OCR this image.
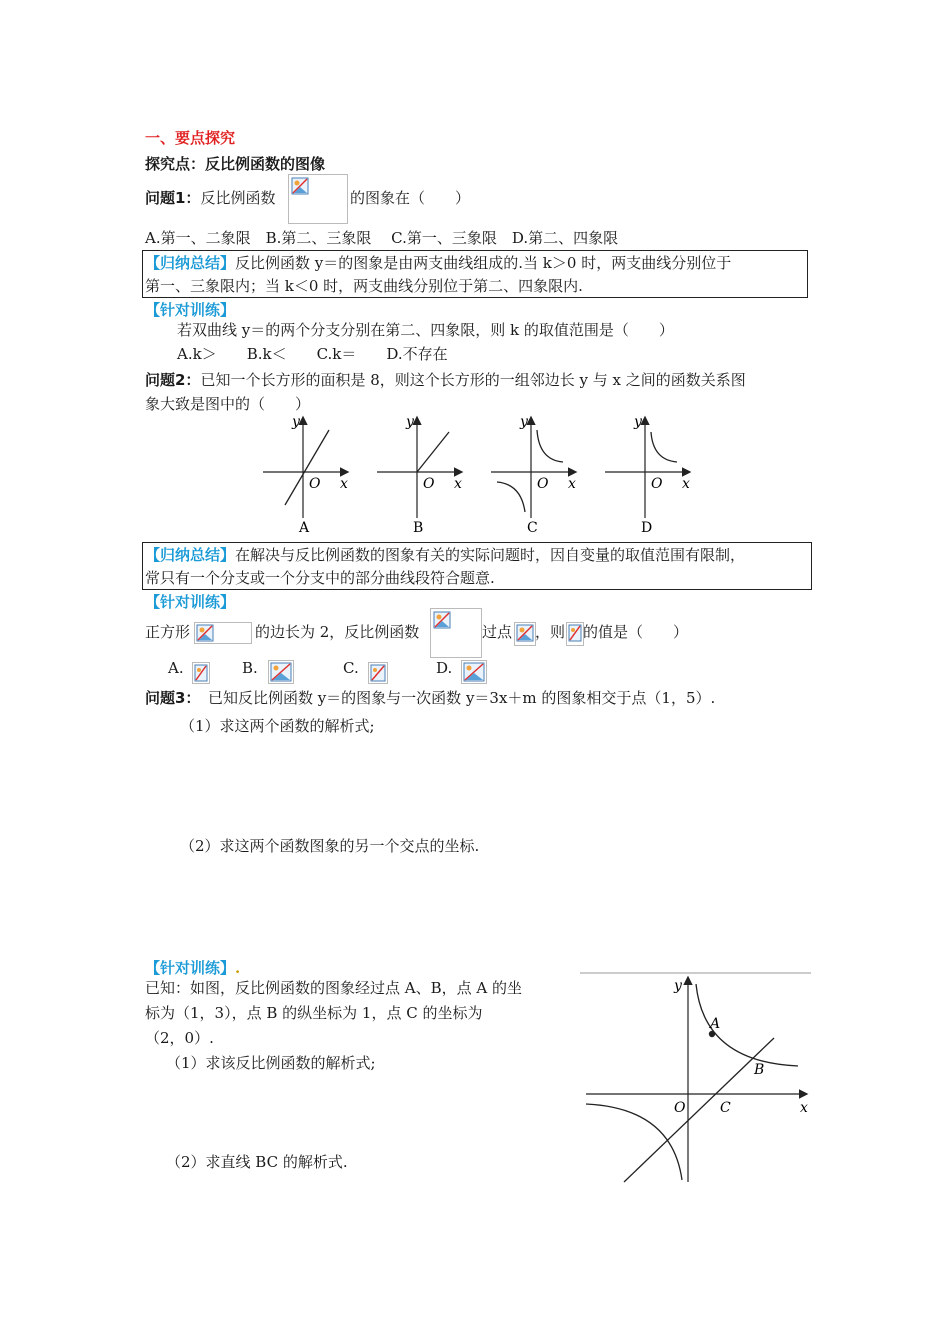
一、要点探究
探究点：反比例函数的图像
问题1：反比例函数	的图象在（　　）
A.第一、二象限　B.第二、三象限　 C.第一、三象限　D.第二、四象限
【归纳总结】反比例函数 y＝的图象是由两支曲线组成的.当 k＞0 时，两支曲线分别位于
第一、三象限内；当 k＜0 时，两支曲线分别位于第二、四象限内.
【针对训练】
若双曲线 y＝的两个分支分别在第二、四象限，则 k 的取值范围是（　　）
A.k＞　　B.k＜　　C.k＝　　D.不存在
问题2：已知一个长方形的面积是 8，则这个长方形的一组邻边长 y 与 x 之间的函数关系图
象大致是图中的（　　）
y
O x
A
y
O x
B
y
O x
C
y
O x
D
【归纳总结】在解决与反比例函数的图象有关的实际问题时，因自变量的取值范围有限制，
常只有一个分支或一个分支中的部分曲线段符合题意.
【针对训练】
正方形	的边长为 2，反比例函数	过点 ，则 的值是（　　）
A.	B.	C.	D.
问题3：　已知反比例函数 y＝的图象与一次函数 y＝3x＋m 的图象相交于点（1，5）.
（1）求这两个函数的解析式;
（2）求这两个函数图象的另一个交点的坐标.
【针对训练】.
已知：如图，反比例函数的图象经过点 A、B，点 A 的坐
标为（1，3），点 B 的纵坐标为 1，点 C 的坐标为
（2，0）.
（1）求该反比例函数的解析式;
（2）求直线 BC 的解析式.
y
x
O
A
B
C
